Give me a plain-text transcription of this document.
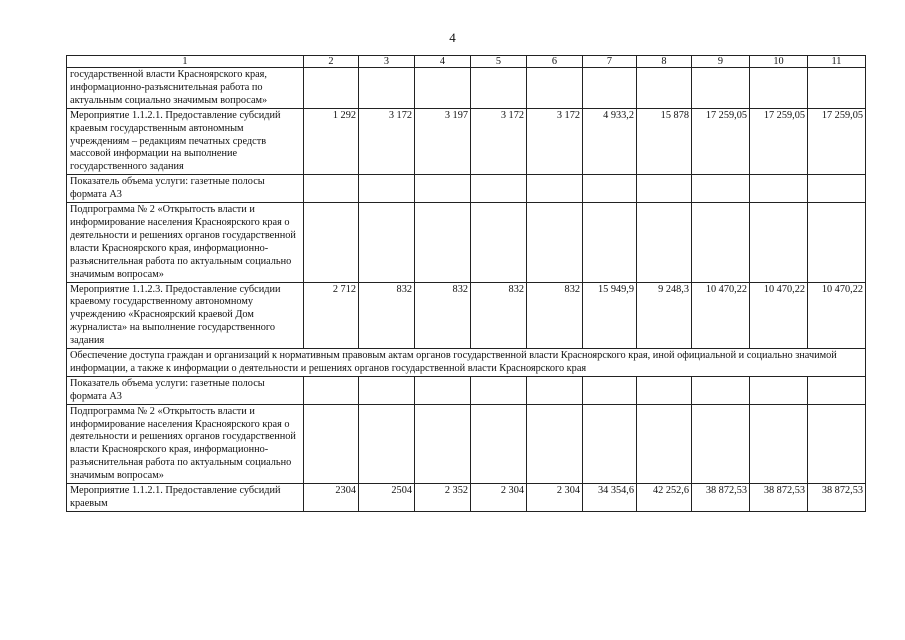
4
1	2	3	4	5	6	7	8	9	10	11
государственной власти Красноярского края, информационно-разъяснительная работа по актуальным социально значимым вопросам»										
Мероприятие 1.1.2.1. Предоставление субсидий краевым государственным автономным учреждениям – редакциям печатных средств массовой информации на выполнение государственного задания	1 292	3 172	3 197	3 172	3 172	4 933,2	15 878	17 259,05	17 259,05	17 259,05
Показатель объема услуги: газетные полосы формата А3										
Подпрограмма № 2 «Открытость власти и информирование населения Красноярского края о деятельности и решениях органов государственной власти Красноярского края, информационно-разъяснительная работа по актуальным социально значимым вопросам»										
Мероприятие 1.1.2.3. Предоставление субсидии краевому государственному автономному учреждению «Красноярский краевой Дом журналиста» на выполнение государственного задания	2 712	832	832	832	832	15 949,9	9 248,3	10 470,22	10 470,22	10 470,22
Обеспечение доступа граждан и организаций к нормативным правовым актам органов государственной власти Красноярского края, иной официальной и социально значимой информации, а также к информации о деятельности и решениях органов государственной власти Красноярского края										
Показатель объема услуги: газетные полосы формата А3										
Подпрограмма № 2 «Открытость власти и информирование населения Красноярского края о деятельности и решениях органов государственной власти Красноярского края, информационно-разъяснительная работа по актуальным социально значимым вопросам»										
Мероприятие 1.1.2.1. Предоставление субсидий краевым	2304	2504	2 352	2 304	2 304	34 354,6	42 252,6	38 872,53	38 872,53	38 872,53
